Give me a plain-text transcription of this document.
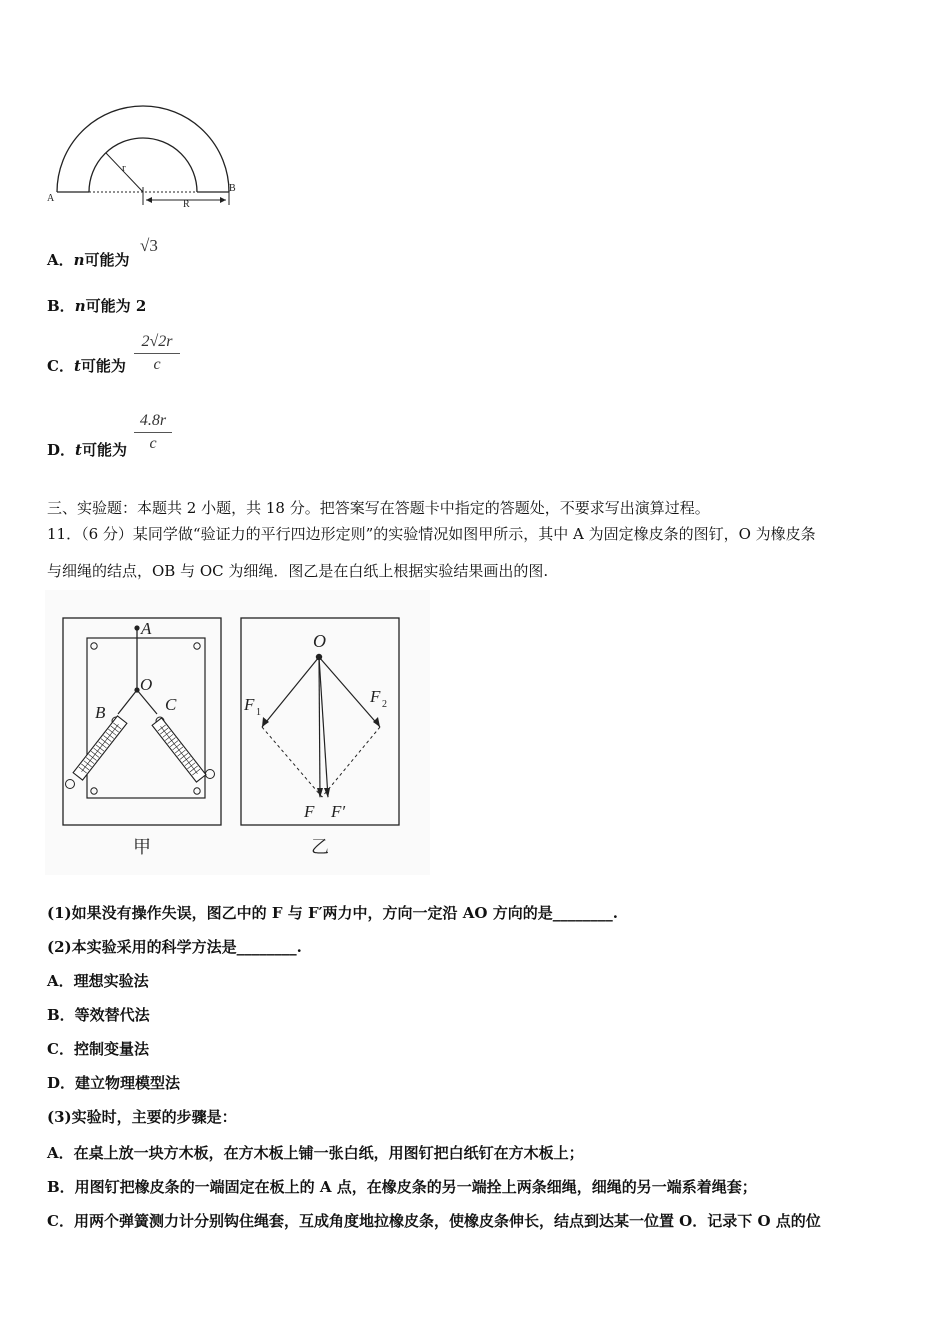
r
R
A
B
A．n可能为
√3
B．n可能为 2
C．t可能为
2√2r
c
D．t可能为
4.8r
c
三、实验题：本题共 2 小题，共 18 分。把答案写在答题卡中指定的答题处，不要求写出演算过程。
11．（6 分）某同学做“验证力的平行四边形定则”的实验情况如图甲所示，其中 A 为固定橡皮条的图钉，O 为橡皮条
与细绳的结点，OB 与 OC 为细绳．图乙是在白纸上根据实验结果画出的图.
A
O
B	C
甲
O
F 1
F 2
F F′
乙
(1)如果没有操作失误，图乙中的 F 与 F′两力中，方向一定沿 AO 方向的是________.
(2)本实验采用的科学方法是________.
A．理想实验法
B．等效替代法
C．控制变量法
D．建立物理模型法
(3)实验时，主要的步骤是：
A．在桌上放一块方木板，在方木板上铺一张白纸，用图钉把白纸钉在方木板上；
B．用图钉把橡皮条的一端固定在板上的 A 点，在橡皮条的另一端拴上两条细绳，细绳的另一端系着绳套；
C．用两个弹簧测力计分别钩住绳套，互成角度地拉橡皮条，使橡皮条伸长，结点到达某一位置 O．记录下 O 点的位
